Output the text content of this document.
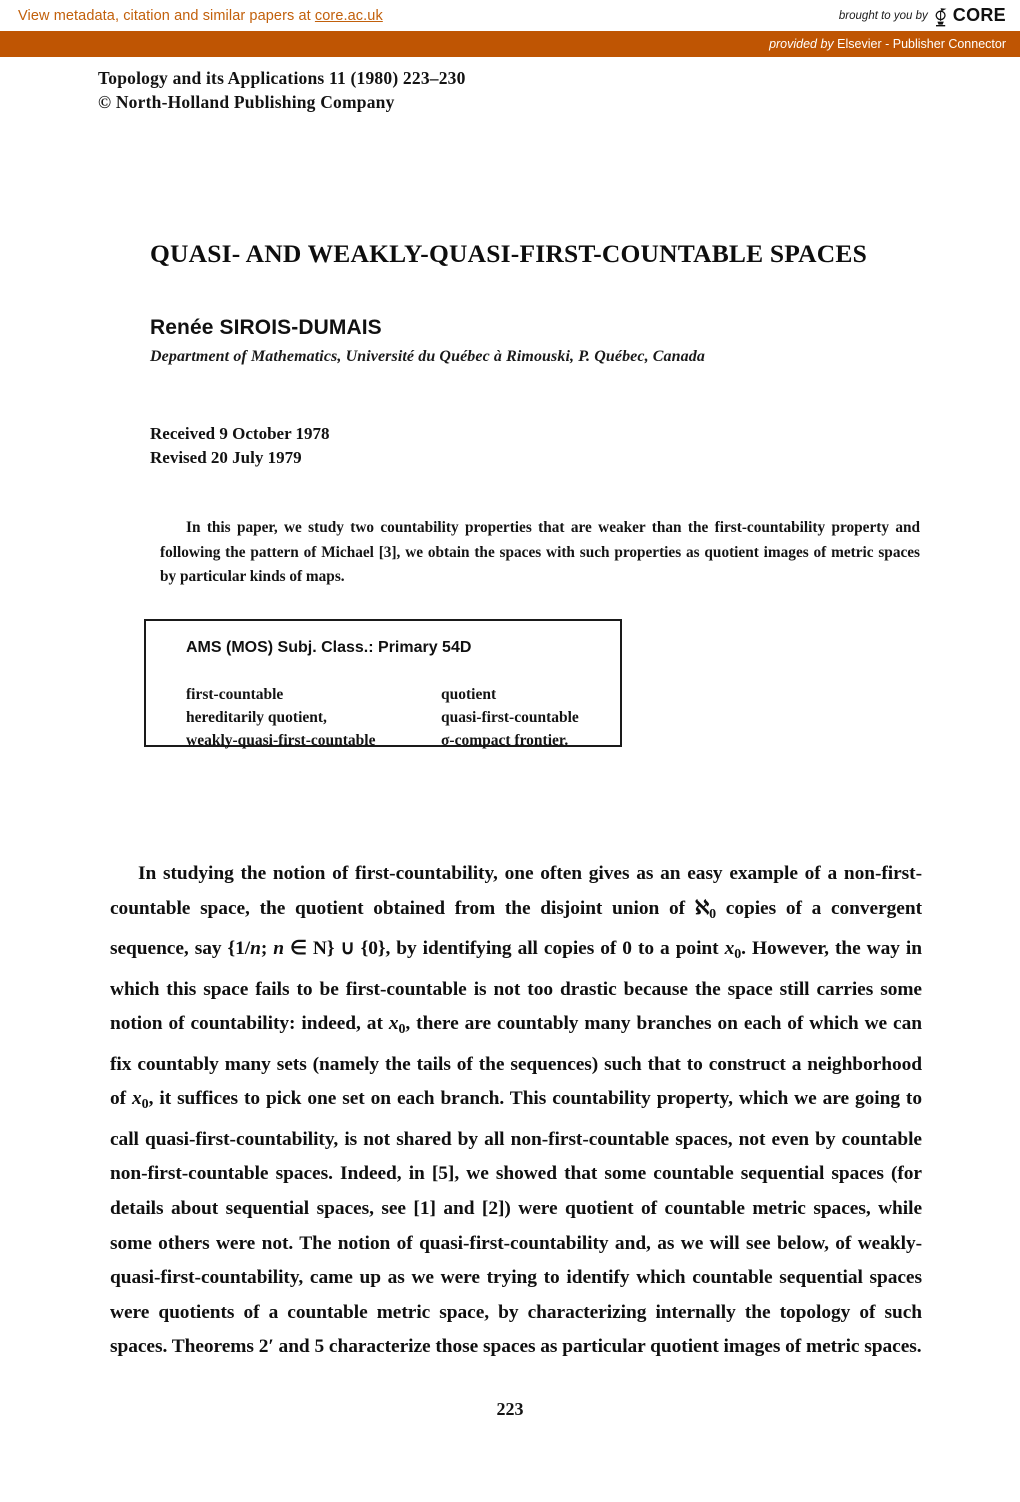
View metadata, citation and similar papers at core.ac.uk	brought to you by CORE
provided by Elsevier - Publisher Connector
Topology and its Applications 11 (1980) 223–230
© North-Holland Publishing Company
QUASI- AND WEAKLY-QUASI-FIRST-COUNTABLE SPACES
Renée SIROIS-DUMAIS
Department of Mathematics, Université du Québec à Rimouski, P. Québec, Canada
Received 9 October 1978
Revised 20 July 1979
In this paper, we study two countability properties that are weaker than the first-countability property and following the pattern of Michael [3], we obtain the spaces with such properties as quotient images of metric spaces by particular kinds of maps.
AMS (MOS) Subj. Class.: Primary 54D
first-countable
hereditarily quotient,
weakly-quasi-first-countable
quotient
quasi-first-countable
σ-compact frontier.
In studying the notion of first-countability, one often gives as an easy example of a non-first-countable space, the quotient obtained from the disjoint union of ℵ$_0$ copies of a convergent sequence, say {1/n; n ∈ N} ∪ {0}, by identifying all copies of 0 to a point $x_0$. However, the way in which this space fails to be first-countable is not too drastic because the space still carries some notion of countability: indeed, at $x_0$, there are countably many branches on each of which we can fix countably many sets (namely the tails of the sequences) such that to construct a neighborhood of $x_0$, it suffices to pick one set on each branch. This countability property, which we are going to call quasi-first-countability, is not shared by all non-first-countable spaces, not even by countable non-first-countable spaces. Indeed, in [5], we showed that some countable sequential spaces (for details about sequential spaces, see [1] and [2]) were quotient of countable metric spaces, while some others were not. The notion of quasi-first-countability and, as we will see below, of weakly-quasi-first-countability, came up as we were trying to identify which countable sequential spaces were quotients of a countable metric space, by characterizing internally the topology of such spaces. Theorems 2′ and 5 characterize those spaces as particular quotient images of metric spaces.
223
